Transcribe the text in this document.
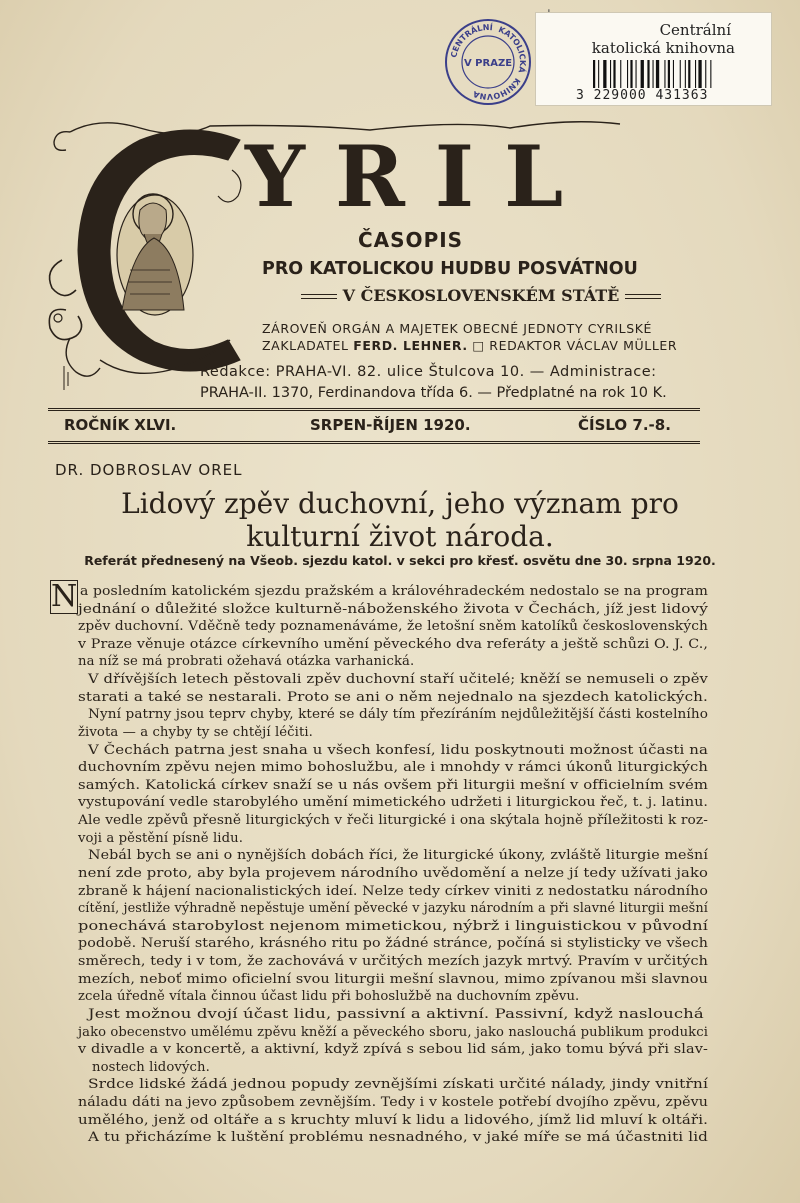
CENTRÁLNÍ KATOLICKÁ
KNIHOVNA
V PRAZE
Centrální
katolická knihovna
3 229000 431363
YRIL
ČASOPIS
PRO KATOLICKOU HUDBU POSVÁTNOU
V ČESKOSLOVENSKÉM STÁTĚ
ZÁROVEŇ ORGÁN A MAJETEK OBECNÉ JEDNOTY CYRILSKÉ
ZAKLADATEL FERD. LEHNER. □ REDAKTOR VÁCLAV MÜLLER
Redakce: PRAHA-VI. 82. ulice Štulcova 10. — Administrace:
PRAHA-II. 1370, Ferdinandova třída 6. — Předplatné na rok 10 K.
ROČNÍK XLVI.	SRPEN-ŘÍJEN 1920.	ČÍSLO 7.-8.
DR. DOBROSLAV OREL
Lidový zpěv duchovní, jeho význam pro
kulturní život národa.
Referát přednesený na Všeob. sjezdu katol. v sekci pro křesť. osvětu dne 30. srpna 1920.
N a posledním katolickém sjezdu pražském a královéhradeckém nedostalo se na program
jednání o důležité složce kulturně-náboženského života v Čechách, jíž jest lidový
zpěv duchovní. Vděčně tedy poznamenáváme, že letošní sněm katolíků československých
v Praze věnuje otázce církevního umění pěveckého dva referáty a ještě schůzi O. J. C.,
na níž se má probrati ožehavá otázka varhanická.
V dřívějších letech pěstovali zpěv duchovní staří učitelé; kněží se nemuseli o zpěv
starati a také se nestarali. Proto se ani o něm nejednalo na sjezdech katolických.
Nyní patrny jsou teprv chyby, které se dály tím přezíráním nejdůležitější části kostelního
života — a chyby ty se chtějí léčiti.
V Čechách patrna jest snaha u všech konfesí, lidu poskytnouti možnost účasti na
duchovním zpěvu nejen mimo bohoslužbu, ale i mnohdy v rámci úkonů liturgických
samých. Katolická církev snaží se u nás ovšem při liturgii mešní v officielním svém
vystupování vedle starobylého umění mimetického udržeti i liturgickou řeč, t. j. latinu.
Ale vedle zpěvů přesně liturgických v řeči liturgické i ona skýtala hojně příležitosti k roz-
voji a pěstění písně lidu.
Nebál bych se ani o nynějších dobách říci, že liturgické úkony, zvláště liturgie mešní
není zde proto, aby byla projevem národního uvědomění a nelze jí tedy užívati jako
zbraně k hájení nacionalistických ideí. Nelze tedy církev viniti z nedostatku národního
cítění, jestliže výhradně nepěstuje umění pěvecké v jazyku národním a při slavné liturgii mešní
ponechává starobylost nejenom mimetickou, nýbrž i linguistickou v původní
podobě. Neruší starého, krásného ritu po žádné stránce, počíná si stylisticky ve všech
směrech, tedy i v tom, že zachovává v určitých mezích jazyk mrtvý. Pravím v určitých
mezích, neboť mimo oficielní svou liturgii mešní slavnou, mimo zpívanou mši slavnou
zcela úředně vítala činnou účast lidu při bohoslužbě na duchovním zpěvu.
Jest možnou dvojí účast lidu, passivní a aktivní. Passivní, když naslouchá
jako obecenstvo umělému zpěvu kněží a pěveckého sboru, jako naslouchá publikum produkci
v divadle a v koncertě, a aktivní, když zpívá s sebou lid sám, jako tomu bývá při slav-
nostech lidových.
Srdce lidské žádá jednou popudy zevnějšími získati určité nálady, jindy vnitřní
náladu dáti na jevo způsobem zevnějším. Tedy i v kostele potřebí dvojího zpěvu, zpěvu
umělého, jenž od oltáře a s kruchty mluví k lidu a lidového, jímž lid mluví k oltáři.
A tu přicházíme k luštění problému nesnadného, v jaké míře se má účastniti lid
